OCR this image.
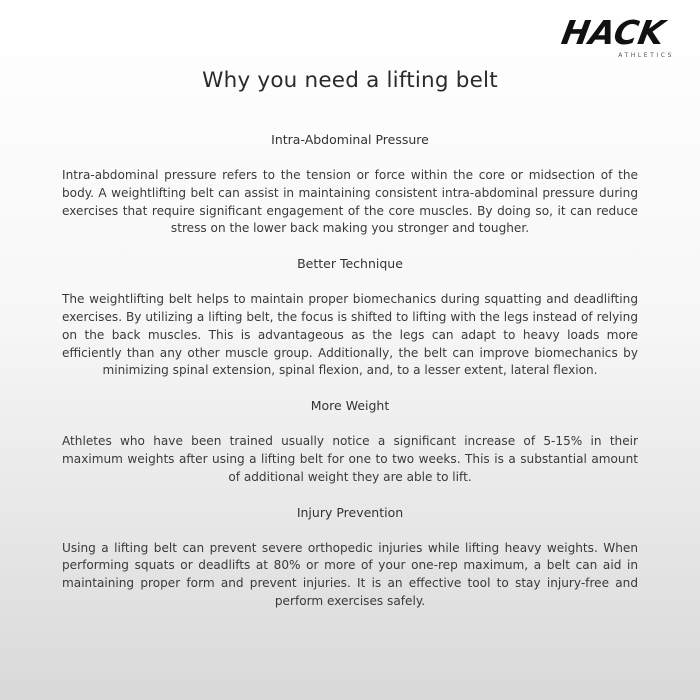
HACK
ATHLETICS
Why you need a lifting belt
Intra-Abdominal Pressure

Intra-abdominal pressure refers to the tension or force within the core or midsection of the body. A weightlifting belt can assist in maintaining consistent intra-abdominal pressure during exercises that require significant engagement of the core muscles. By doing so, it can reduce stress on the lower back making you stronger and tougher.

Better Technique

The weightlifting belt helps to maintain proper biomechanics during squatting and deadlifting exercises. By utilizing a lifting belt, the focus is shifted to lifting with the legs instead of relying on the back muscles. This is advantageous as the legs can adapt to heavy loads more efficiently than any other muscle group. Additionally, the belt can improve biomechanics by minimizing spinal extension, spinal flexion, and, to a lesser extent, lateral flexion.

More Weight

Athletes who have been trained usually notice a significant increase of 5-15% in their maximum weights after using a lifting belt for one to two weeks. This is a substantial amount of additional weight they are able to lift.

Injury Prevention

Using a lifting belt can prevent severe orthopedic injuries while lifting heavy weights. When performing squats or deadlifts at 80% or more of your one-rep maximum, a belt can aid in maintaining proper form and prevent injuries. It is an effective tool to stay injury-free and perform exercises safely.
